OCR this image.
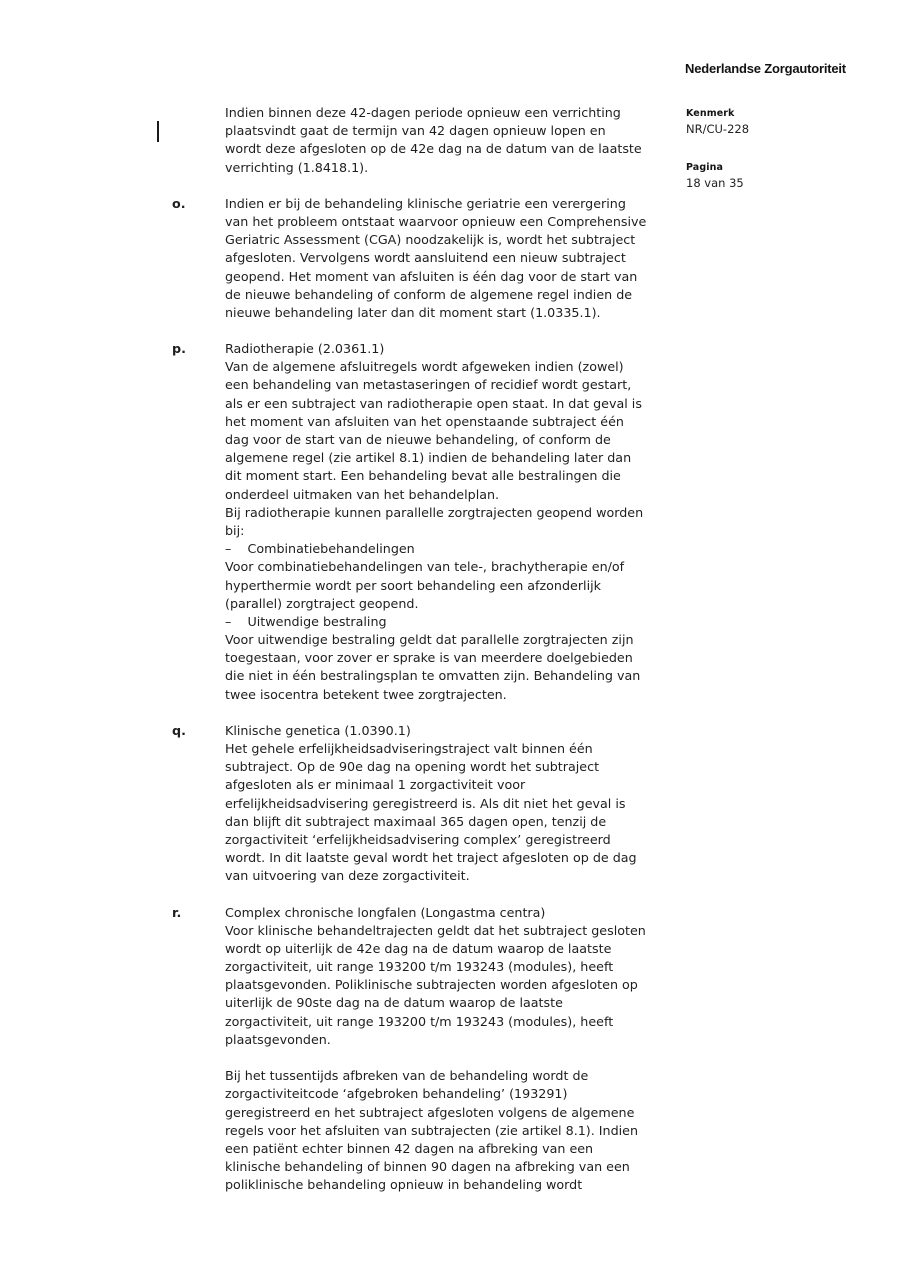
Nederlandse Zorgautoriteit
Kenmerk
NR/CU-228
Pagina
18 van 35
Indien binnen deze 42-dagen periode opnieuw een verrichting
plaatsvindt gaat de termijn van 42 dagen opnieuw lopen en
wordt deze afgesloten op de 42e dag na de datum van de laatste
verrichting (1.8418.1).
o.	Indien er bij de behandeling klinische geriatrie een verergering
van het probleem ontstaat waarvoor opnieuw een Comprehensive
Geriatric Assessment (CGA) noodzakelijk is, wordt het subtraject
afgesloten. Vervolgens wordt aansluitend een nieuw subtraject
geopend. Het moment van afsluiten is één dag voor de start van
de nieuwe behandeling of conform de algemene regel indien de
nieuwe behandeling later dan dit moment start (1.0335.1).
p.	Radiotherapie (2.0361.1)
Van de algemene afsluitregels wordt afgeweken indien (zowel)
een behandeling van metastaseringen of recidief wordt gestart,
als er een subtraject van radiotherapie open staat. In dat geval is
het moment van afsluiten van het openstaande subtraject één
dag voor de start van de nieuwe behandeling, of conform de
algemene regel (zie artikel 8.1) indien de behandeling later dan
dit moment start. Een behandeling bevat alle bestralingen die
onderdeel uitmaken van het behandelplan.
Bij radiotherapie kunnen parallelle zorgtrajecten geopend worden
bij:
–    Combinatiebehandelingen
Voor combinatiebehandelingen van tele-, brachytherapie en/of
hyperthermie wordt per soort behandeling een afzonderlijk
(parallel) zorgtraject geopend.
–    Uitwendige bestraling
Voor uitwendige bestraling geldt dat parallelle zorgtrajecten zijn
toegestaan, voor zover er sprake is van meerdere doelgebieden
die niet in één bestralingsplan te omvatten zijn. Behandeling van
twee isocentra betekent twee zorgtrajecten.
q.	Klinische genetica (1.0390.1)
Het gehele erfelijkheidsadviseringstraject valt binnen één
subtraject. Op de 90e dag na opening wordt het subtraject
afgesloten als er minimaal 1 zorgactiviteit voor
erfelijkheidsadvisering geregistreerd is. Als dit niet het geval is
dan blijft dit subtraject maximaal 365 dagen open, tenzij de
zorgactiviteit ‘erfelijkheidsadvisering complex’ geregistreerd
wordt. In dit laatste geval wordt het traject afgesloten op de dag
van uitvoering van deze zorgactiviteit.
r.	Complex chronische longfalen (Longastma centra)
Voor klinische behandeltrajecten geldt dat het subtraject gesloten
wordt op uiterlijk de 42e dag na de datum waarop de laatste
zorgactiviteit, uit range 193200 t/m 193243 (modules), heeft
plaatsgevonden. Poliklinische subtrajecten worden afgesloten op
uiterlijk de 90ste dag na de datum waarop de laatste
zorgactiviteit, uit range 193200 t/m 193243 (modules), heeft
plaatsgevonden.
Bij het tussentijds afbreken van de behandeling wordt de
zorgactiviteitcode ‘afgebroken behandeling’ (193291)
geregistreerd en het subtraject afgesloten volgens de algemene
regels voor het afsluiten van subtrajecten (zie artikel 8.1). Indien
een patiënt echter binnen 42 dagen na afbreking van een
klinische behandeling of binnen 90 dagen na afbreking van een
poliklinische behandeling opnieuw in behandeling wordt
